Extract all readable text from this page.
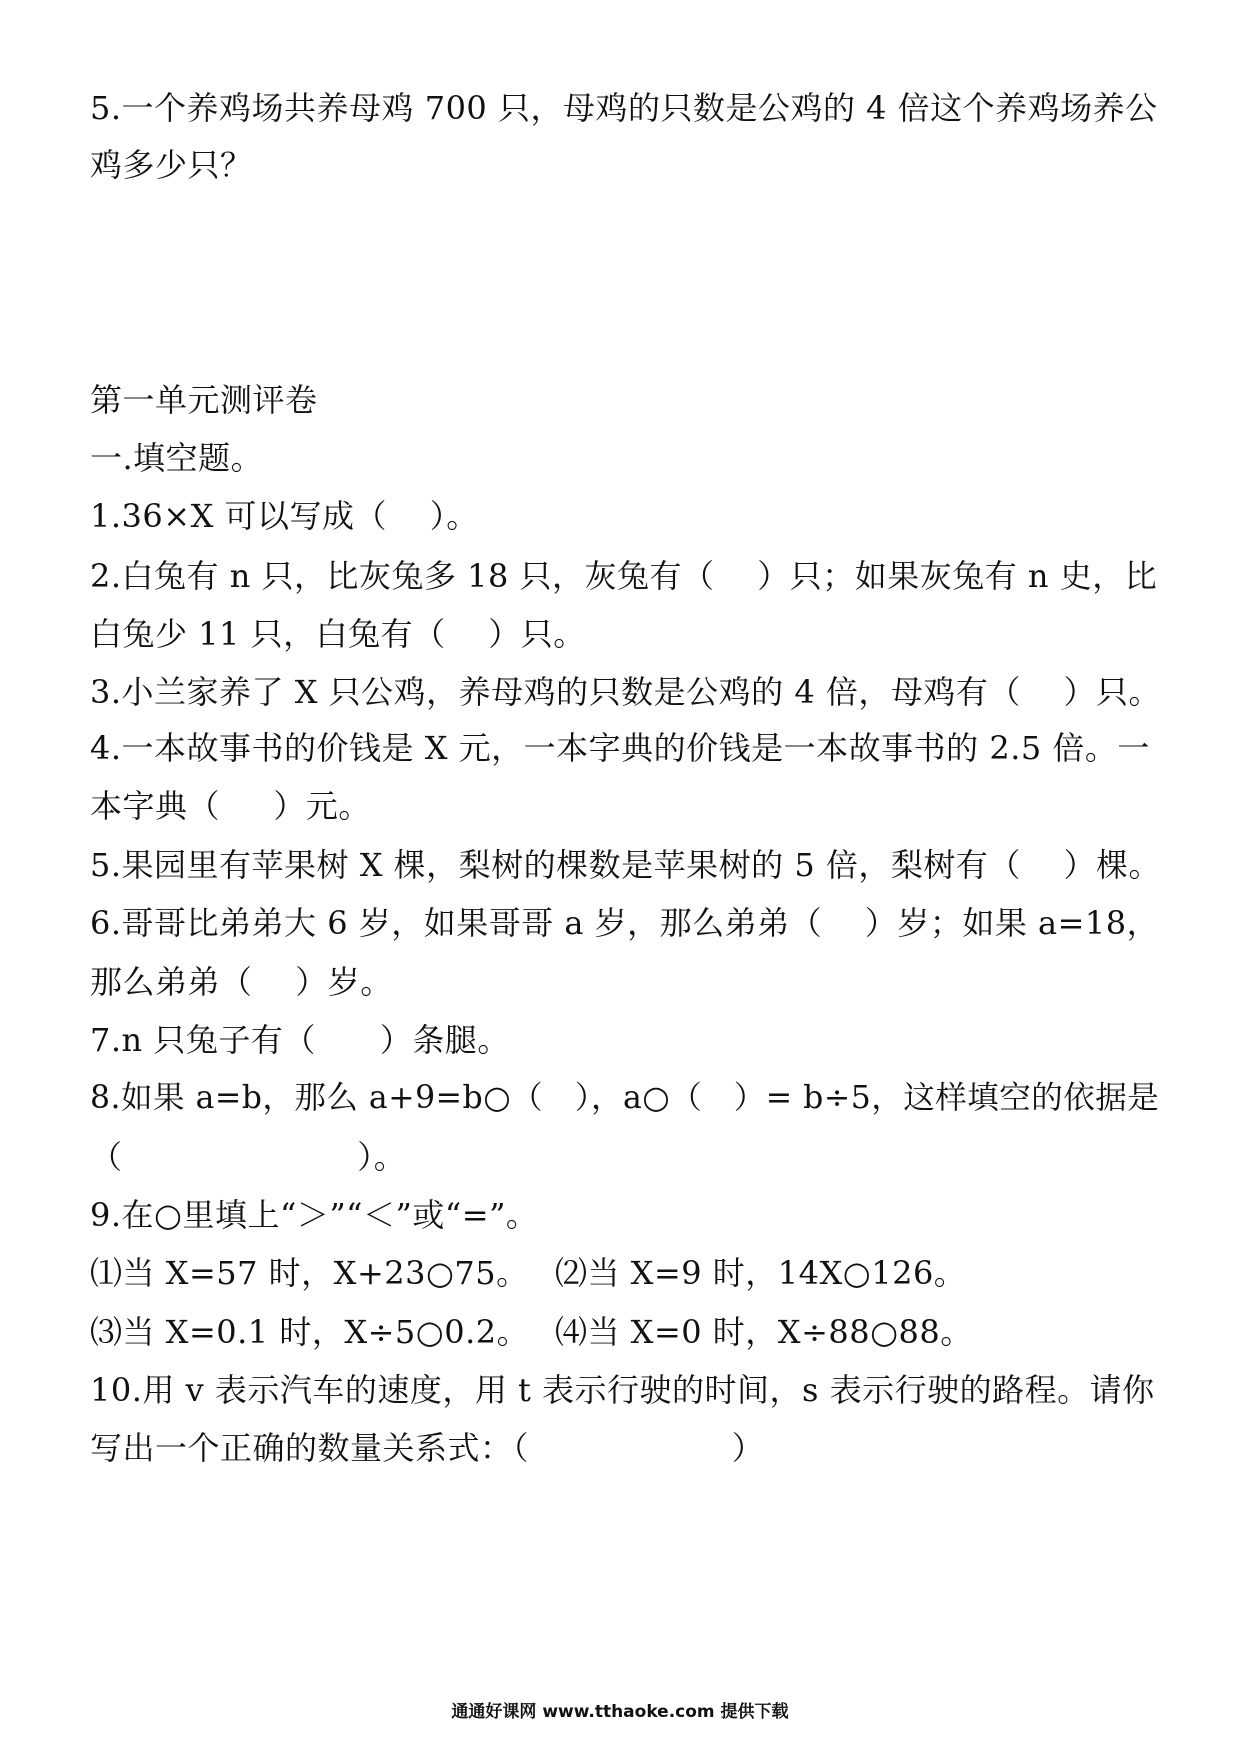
5.一个养鸡场共养母鸡 700 只，母鸡的只数是公鸡的 4 倍这个养鸡场养公
鸡多少只？
第一单元测评卷
一.填空题。
1.36×X 可以写成（    ）。
2.白兔有 n 只，比灰兔多 18 只，灰兔有（    ）只；如果灰兔有 n 史，比
白兔少 11 只，白兔有（    ）只。
3.小兰家养了 X 只公鸡，养母鸡的只数是公鸡的 4 倍，母鸡有（    ）只。
4.一本故事书的价钱是 X 元，一本字典的价钱是一本故事书的 2.5 倍。一
本字典（     ）元。
5.果园里有苹果树 X 棵，梨树的棵数是苹果树的 5 倍，梨树有（    ）棵。
6.哥哥比弟弟大 6 岁，如果哥哥 a 岁，那么弟弟（    ）岁；如果 a=18，
那么弟弟（    ）岁。
7.n 只兔子有（      ）条腿。
8.如果 a=b，那么 a+9=b○（   ），a○（   ）= b÷5，这样填空的依据是
（                      ）。
9.在○里填上“＞”“＜”或“=”。
⑴当 X=57 时，X+23○75。 ⑵当 X=9 时，14X○126。
⑶当 X=0.1 时，X÷5○0.2。 ⑷当 X=0 时，X÷88○88。
10.用 v 表示汽车的速度，用 t 表示行驶的时间，s 表示行驶的路程。请你
写出一个正确的数量关系式：（                   ）
通通好课网 www.tthaoke.com 提供下载
